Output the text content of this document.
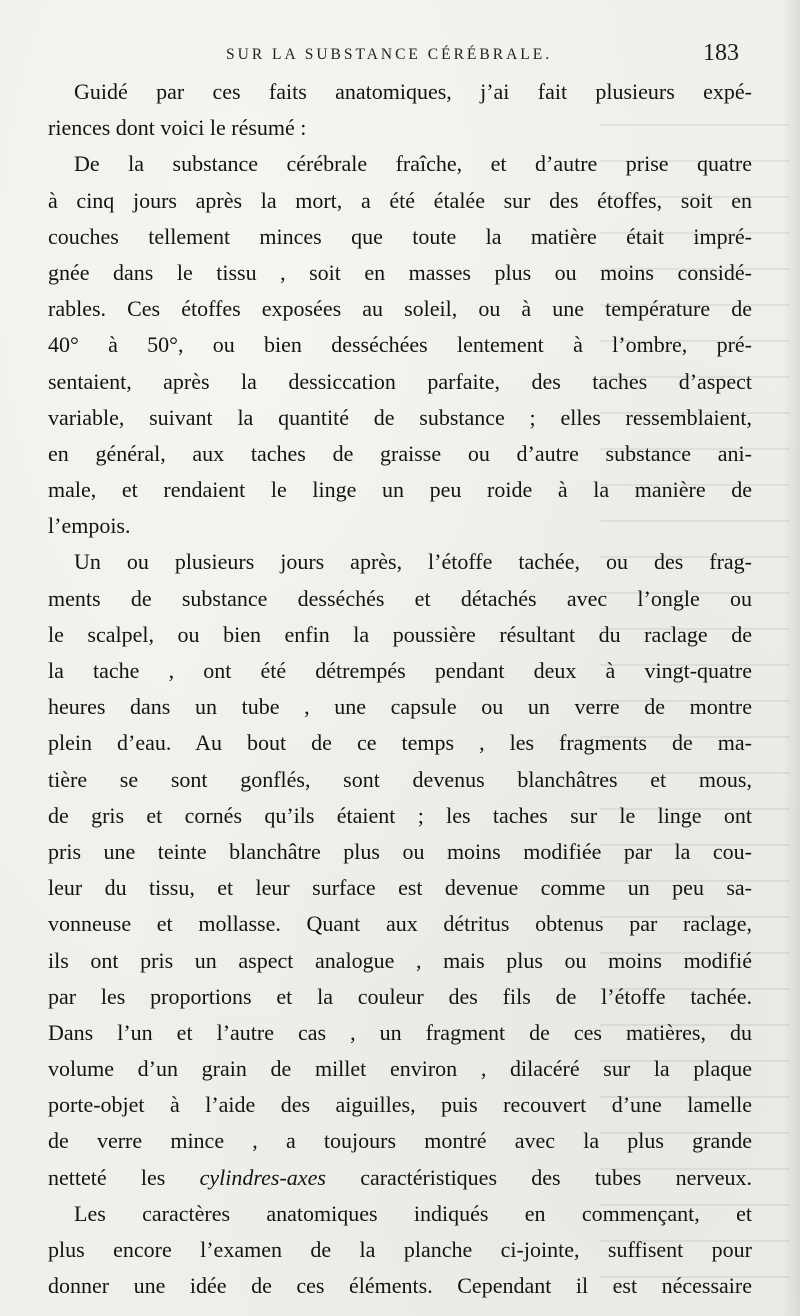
SUR LA SUBSTANCE CÉRÉBRALE.	183
Guidé par ces faits anatomiques, j’ai fait plusieurs expé-
riences dont voici le résumé :
De la substance cérébrale fraîche, et d’autre prise quatre
à cinq jours après la mort, a été étalée sur des étoffes, soit en
couches tellement minces que toute la matière était impré-
gnée dans le tissu , soit en masses plus ou moins considé-
rables. Ces étoffes exposées au soleil, ou à une température de
40° à 50°, ou bien desséchées lentement à l’ombre, pré-
sentaient, après la dessiccation parfaite, des taches d’aspect
variable, suivant la quantité de substance ; elles ressemblaient,
en général, aux taches de graisse ou d’autre substance ani-
male, et rendaient le linge un peu roide à la manière de
l’empois.
Un ou plusieurs jours après, l’étoffe tachée, ou des frag-
ments de substance desséchés et détachés avec l’ongle ou
le scalpel, ou bien enfin la poussière résultant du raclage de
la tache , ont été détrempés pendant deux à vingt-quatre
heures dans un tube , une capsule ou un verre de montre
plein d’eau. Au bout de ce temps , les fragments de ma-
tière se sont gonflés, sont devenus blanchâtres et mous,
de gris et cornés qu’ils étaient ; les taches sur le linge ont
pris une teinte blanchâtre plus ou moins modifiée par la cou-
leur du tissu, et leur surface est devenue comme un peu sa-
vonneuse et mollasse. Quant aux détritus obtenus par raclage,
ils ont pris un aspect analogue , mais plus ou moins modifié
par les proportions et la couleur des fils de l’étoffe tachée.
Dans l’un et l’autre cas , un fragment de ces matières, du
volume d’un grain de millet environ , dilacéré sur la plaque
porte-objet à l’aide des aiguilles, puis recouvert d’une lamelle
de verre mince , a toujours montré avec la plus grande
netteté les cylindres-axes caractéristiques des tubes nerveux.
Les caractères anatomiques indiqués en commençant, et
plus encore l’examen de la planche ci-jointe, suffisent pour
donner une idée de ces éléments. Cependant il est nécessaire
